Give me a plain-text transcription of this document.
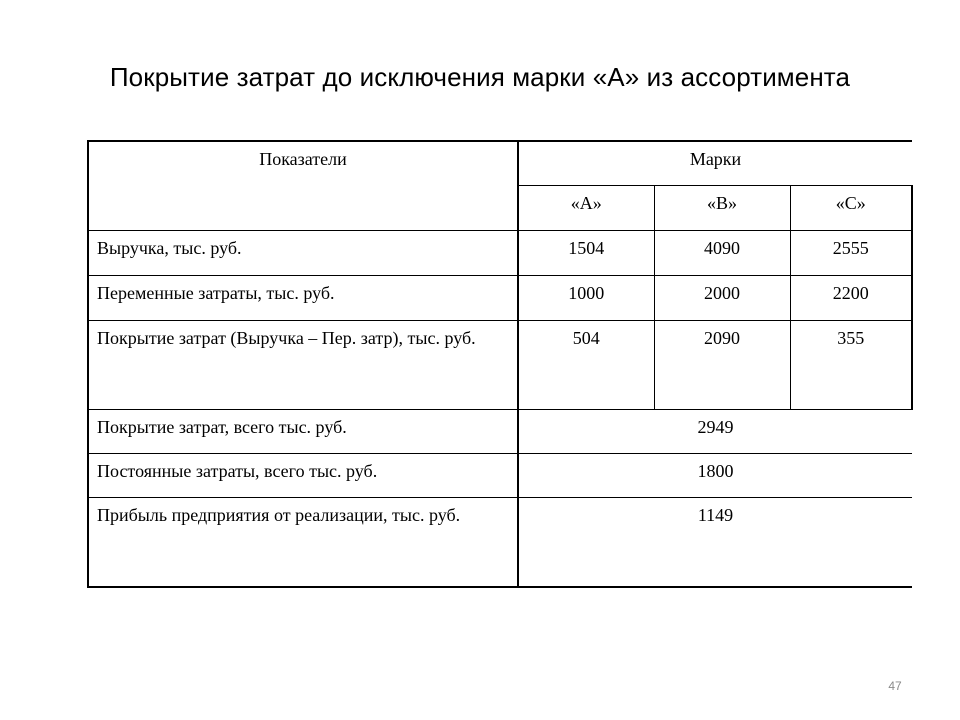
Покрытие затрат до исключения марки «А» из ассортимента
Показатели	Марки		
	«А»	«В»	«С»
Выручка, тыс. руб.	1504	4090	2555
Переменные затраты, тыс. руб.	1000	2000	2200
Покрытие затрат (Выручка – Пер. затр), тыс. руб.	504	2090	355
Покрытие затрат, всего тыс. руб.	2949		
Постоянные затраты, всего тыс. руб.	1800		
Прибыль предприятия от реализации, тыс. руб.	1149		
47
